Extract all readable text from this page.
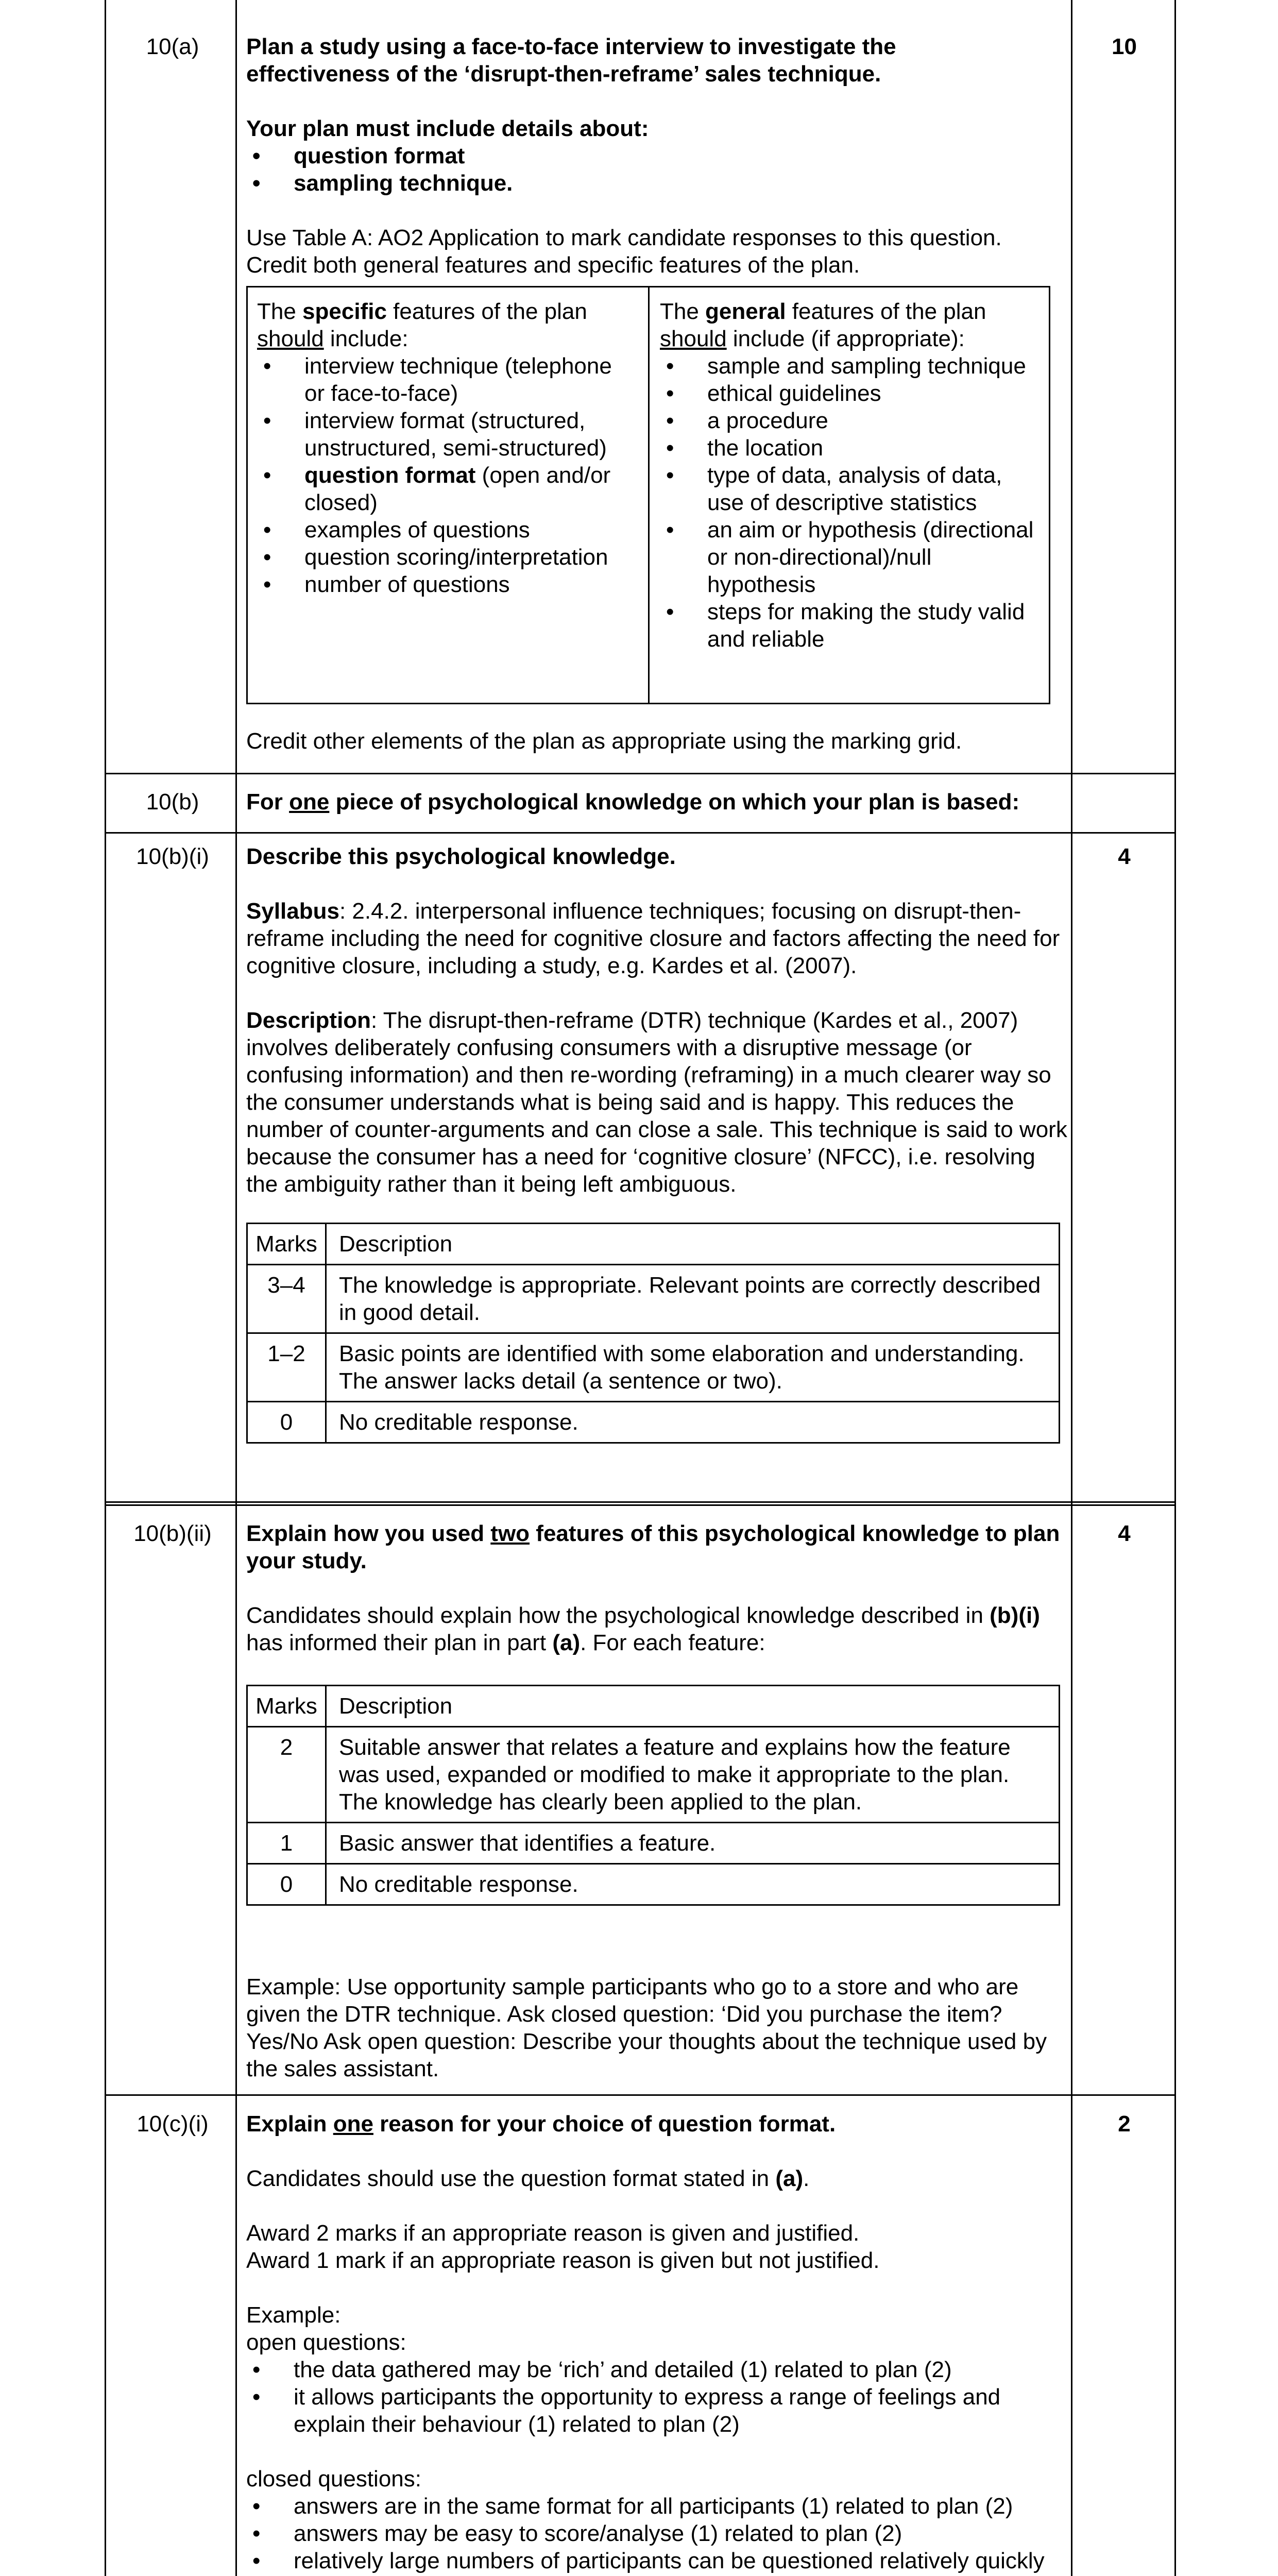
10(a)	10

Plan a study using a face-to-face interview to investigate the

effectiveness of the ‘disrupt-then-reframe’ sales technique.

Your plan must include details about:

• question format
• sampling technique.

Use Table A: AO2 Application to mark candidate responses to this question.

Credit both general features and specific features of the plan.

The specific features of the plan

should include:

• interview technique (telephone or face-to-face)
• interview format (structured, unstructured, semi-structured)
• question format (open and/or closed)
• examples of questions
• question scoring/interpretation
• number of questions

The general features of the plan

should include (if appropriate):

• sample and sampling technique
• ethical guidelines
• a procedure
• the location
• type of data, analysis of data, use of descriptive statistics
• an aim or hypothesis (directional or non-directional)/null hypothesis
• steps for making the study valid and reliable
Credit other elements of the plan as appropriate using the marking grid.
10(b)	For one piece of psychological knowledge on which your plan is based:
10(b)(i)	4

Describe this psychological knowledge.

Syllabus: 2.4.2. interpersonal influence techniques; focusing on disrupt-then-reframe including the need for cognitive closure and factors affecting the need for cognitive closure, including a study, e.g. Kardes et al. (2007).

Description: The disrupt-then-reframe (DTR) technique (Kardes et al., 2007) involves deliberately confusing consumers with a disruptive message (or confusing information) and then re-wording (reframing) in a much clearer way so the consumer understands what is being said and is happy. This reduces the number of counter-arguments and can close a sale. This technique is said to work because the consumer has a need for ‘cognitive closure’ (NFCC), i.e. resolving the ambiguity rather than it being left ambiguous.

Marks	Description
3–4	The knowledge is appropriate. Relevant points are correctly described in good detail.
1–2	Basic points are identified with some elaboration and understanding. The answer lacks detail (a sentence or two).
0	No creditable response.
10(b)(ii)	4

Explain how you used two features of this psychological knowledge to plan your study.

Candidates should explain how the psychological knowledge described in (b)(i) has informed their plan in part (a). For each feature:

Marks	Description
2	Suitable answer that relates a feature and explains how the feature was used, expanded or modified to make it appropriate to the plan. The knowledge has clearly been applied to the plan.
1	Basic answer that identifies a feature.
0	No creditable response.
Example: Use opportunity sample participants who go to a store and who are given the DTR technique. Ask closed question: ‘Did you purchase the item? Yes/No Ask open question: Describe your thoughts about the technique used by the sales assistant.
10(c)(i)	2

Explain one reason for your choice of question format.

Candidates should use the question format stated in (a).

Award 2 marks if an appropriate reason is given and justified.

Award 1 mark if an appropriate reason is given but not justified.

Example:

open questions:

• the data gathered may be ‘rich’ and detailed (1) related to plan (2)
• it allows participants the opportunity to express a range of feelings and explain their behaviour (1) related to plan (2)

closed questions:

• answers are in the same format for all participants (1) related to plan (2)
• answers may be easy to score/analyse (1) related to plan (2)
• relatively large numbers of participants can be questioned relatively quickly
